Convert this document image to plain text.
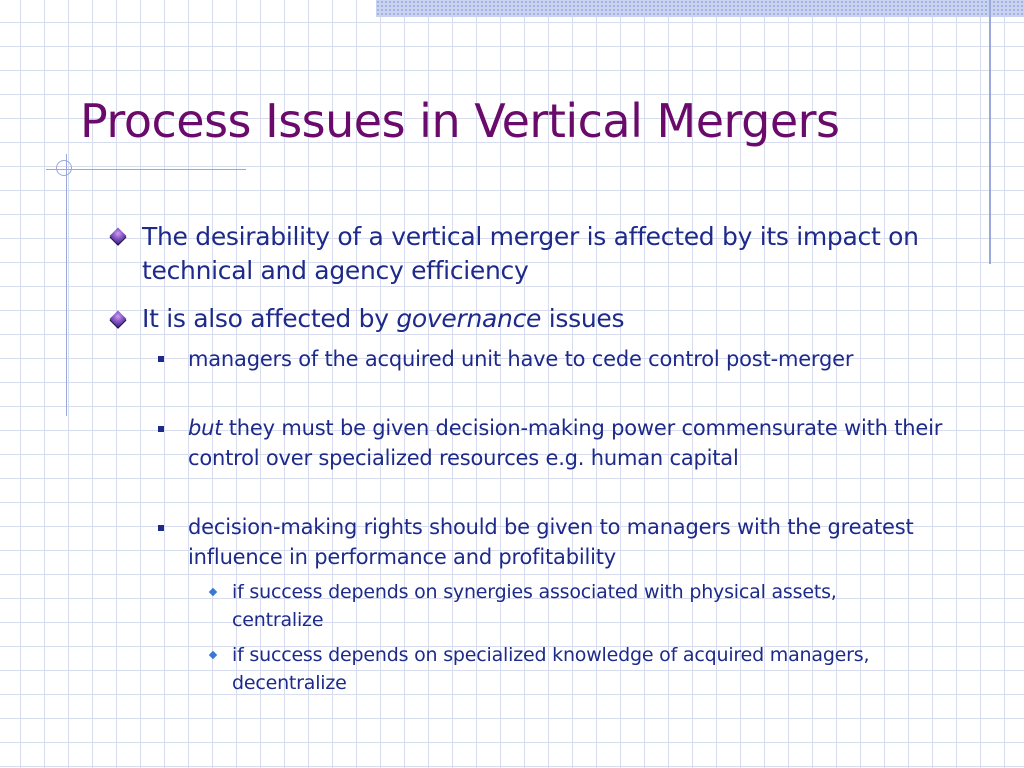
Process Issues in Vertical Mergers
The desirability of a vertical merger is affected by its impact on technical and agency efficiency
It is also affected by governance issues
managers of the acquired unit have to cede control post-merger
but they must be given decision-making power commensurate with their control over specialized resources e.g. human capital
decision-making rights should be given to managers with the greatest influence in performance and profitability
if success depends on synergies associated with physical assets, centralize
if success depends on specialized knowledge of acquired managers, decentralize
